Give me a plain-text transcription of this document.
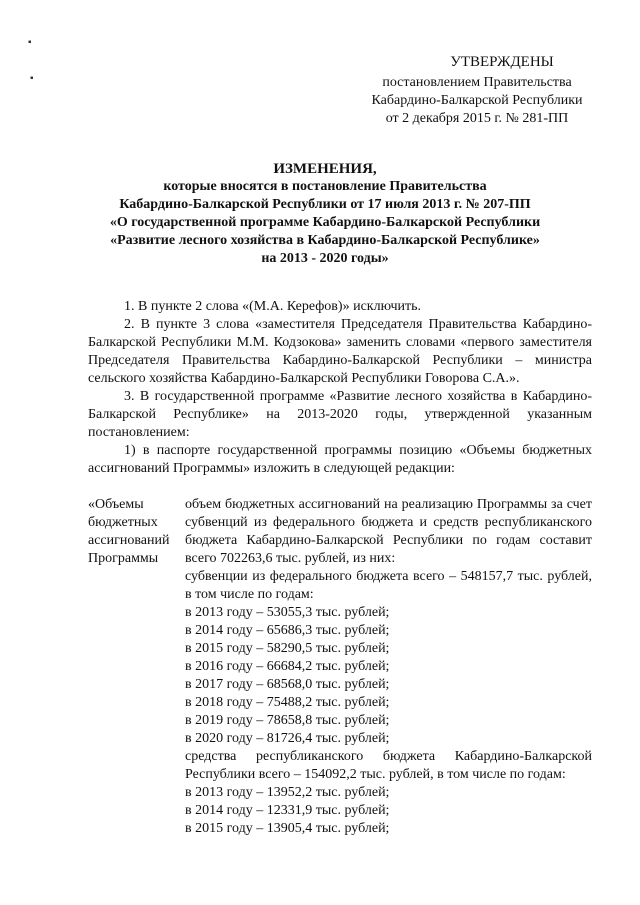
▪
▪
УТВЕРЖДЕНЫ
постановлением Правительства
Кабардино-Балкарской Республики
от 2 декабря 2015 г. № 281-ПП
ИЗМЕНЕНИЯ,
которые вносятся в постановление Правительства
Кабардино-Балкарской Республики от 17 июля 2013 г. № 207-ПП
«О государственной программе Кабардино-Балкарской Республики
«Развитие лесного хозяйства в Кабардино-Балкарской Республике»
на 2013 - 2020 годы»

1. В пункте 2 слова «(М.А. Керефов)» исключить.

2. В пункте 3 слова «заместителя Председателя Правительства Кабардино-Балкарской Республики М.М. Кодзокова» заменить словами «первого заместителя Председателя Правительства Кабардино-Балкарской Республики – министра сельского хозяйства Кабардино-Балкарской Республики Говорова С.А.».

3. В государственной программе «Развитие лесного хозяйства в Кабардино-Балкарской Республике» на 2013-2020 годы, утвержденной указанным постановлением:

1) в паспорте государственной программы позицию «Объемы бюджетных ассигнований Программы» изложить в следующей редакции:

«Объемы
бюджетных
ассигнований
Программы

объем бюджетных ассигнований на реализацию Программы за счет субвенций из федерального бюджета и средств республиканского бюджета Кабардино-Балкарской Республики по годам составит всего 702263,6 тыс. рублей, из них:

субвенции из федерального бюджета всего – 548157,7 тыс. рублей, в том числе по годам:

в 2013 году – 53055,3 тыс. рублей;

в 2014 году – 65686,3 тыс. рублей;

в 2015 году – 58290,5 тыс. рублей;

в 2016 году – 66684,2 тыс. рублей;

в 2017 году – 68568,0 тыс. рублей;

в 2018 году – 75488,2 тыс. рублей;

в 2019 году – 78658,8 тыс. рублей;

в 2020 году – 81726,4 тыс. рублей;

средства республиканского бюджета Кабардино-Балкарской Республики всего – 154092,2 тыс. рублей, в том числе по годам:

в 2013 году – 13952,2 тыс. рублей;

в 2014 году – 12331,9 тыс. рублей;

в 2015 году – 13905,4 тыс. рублей;
